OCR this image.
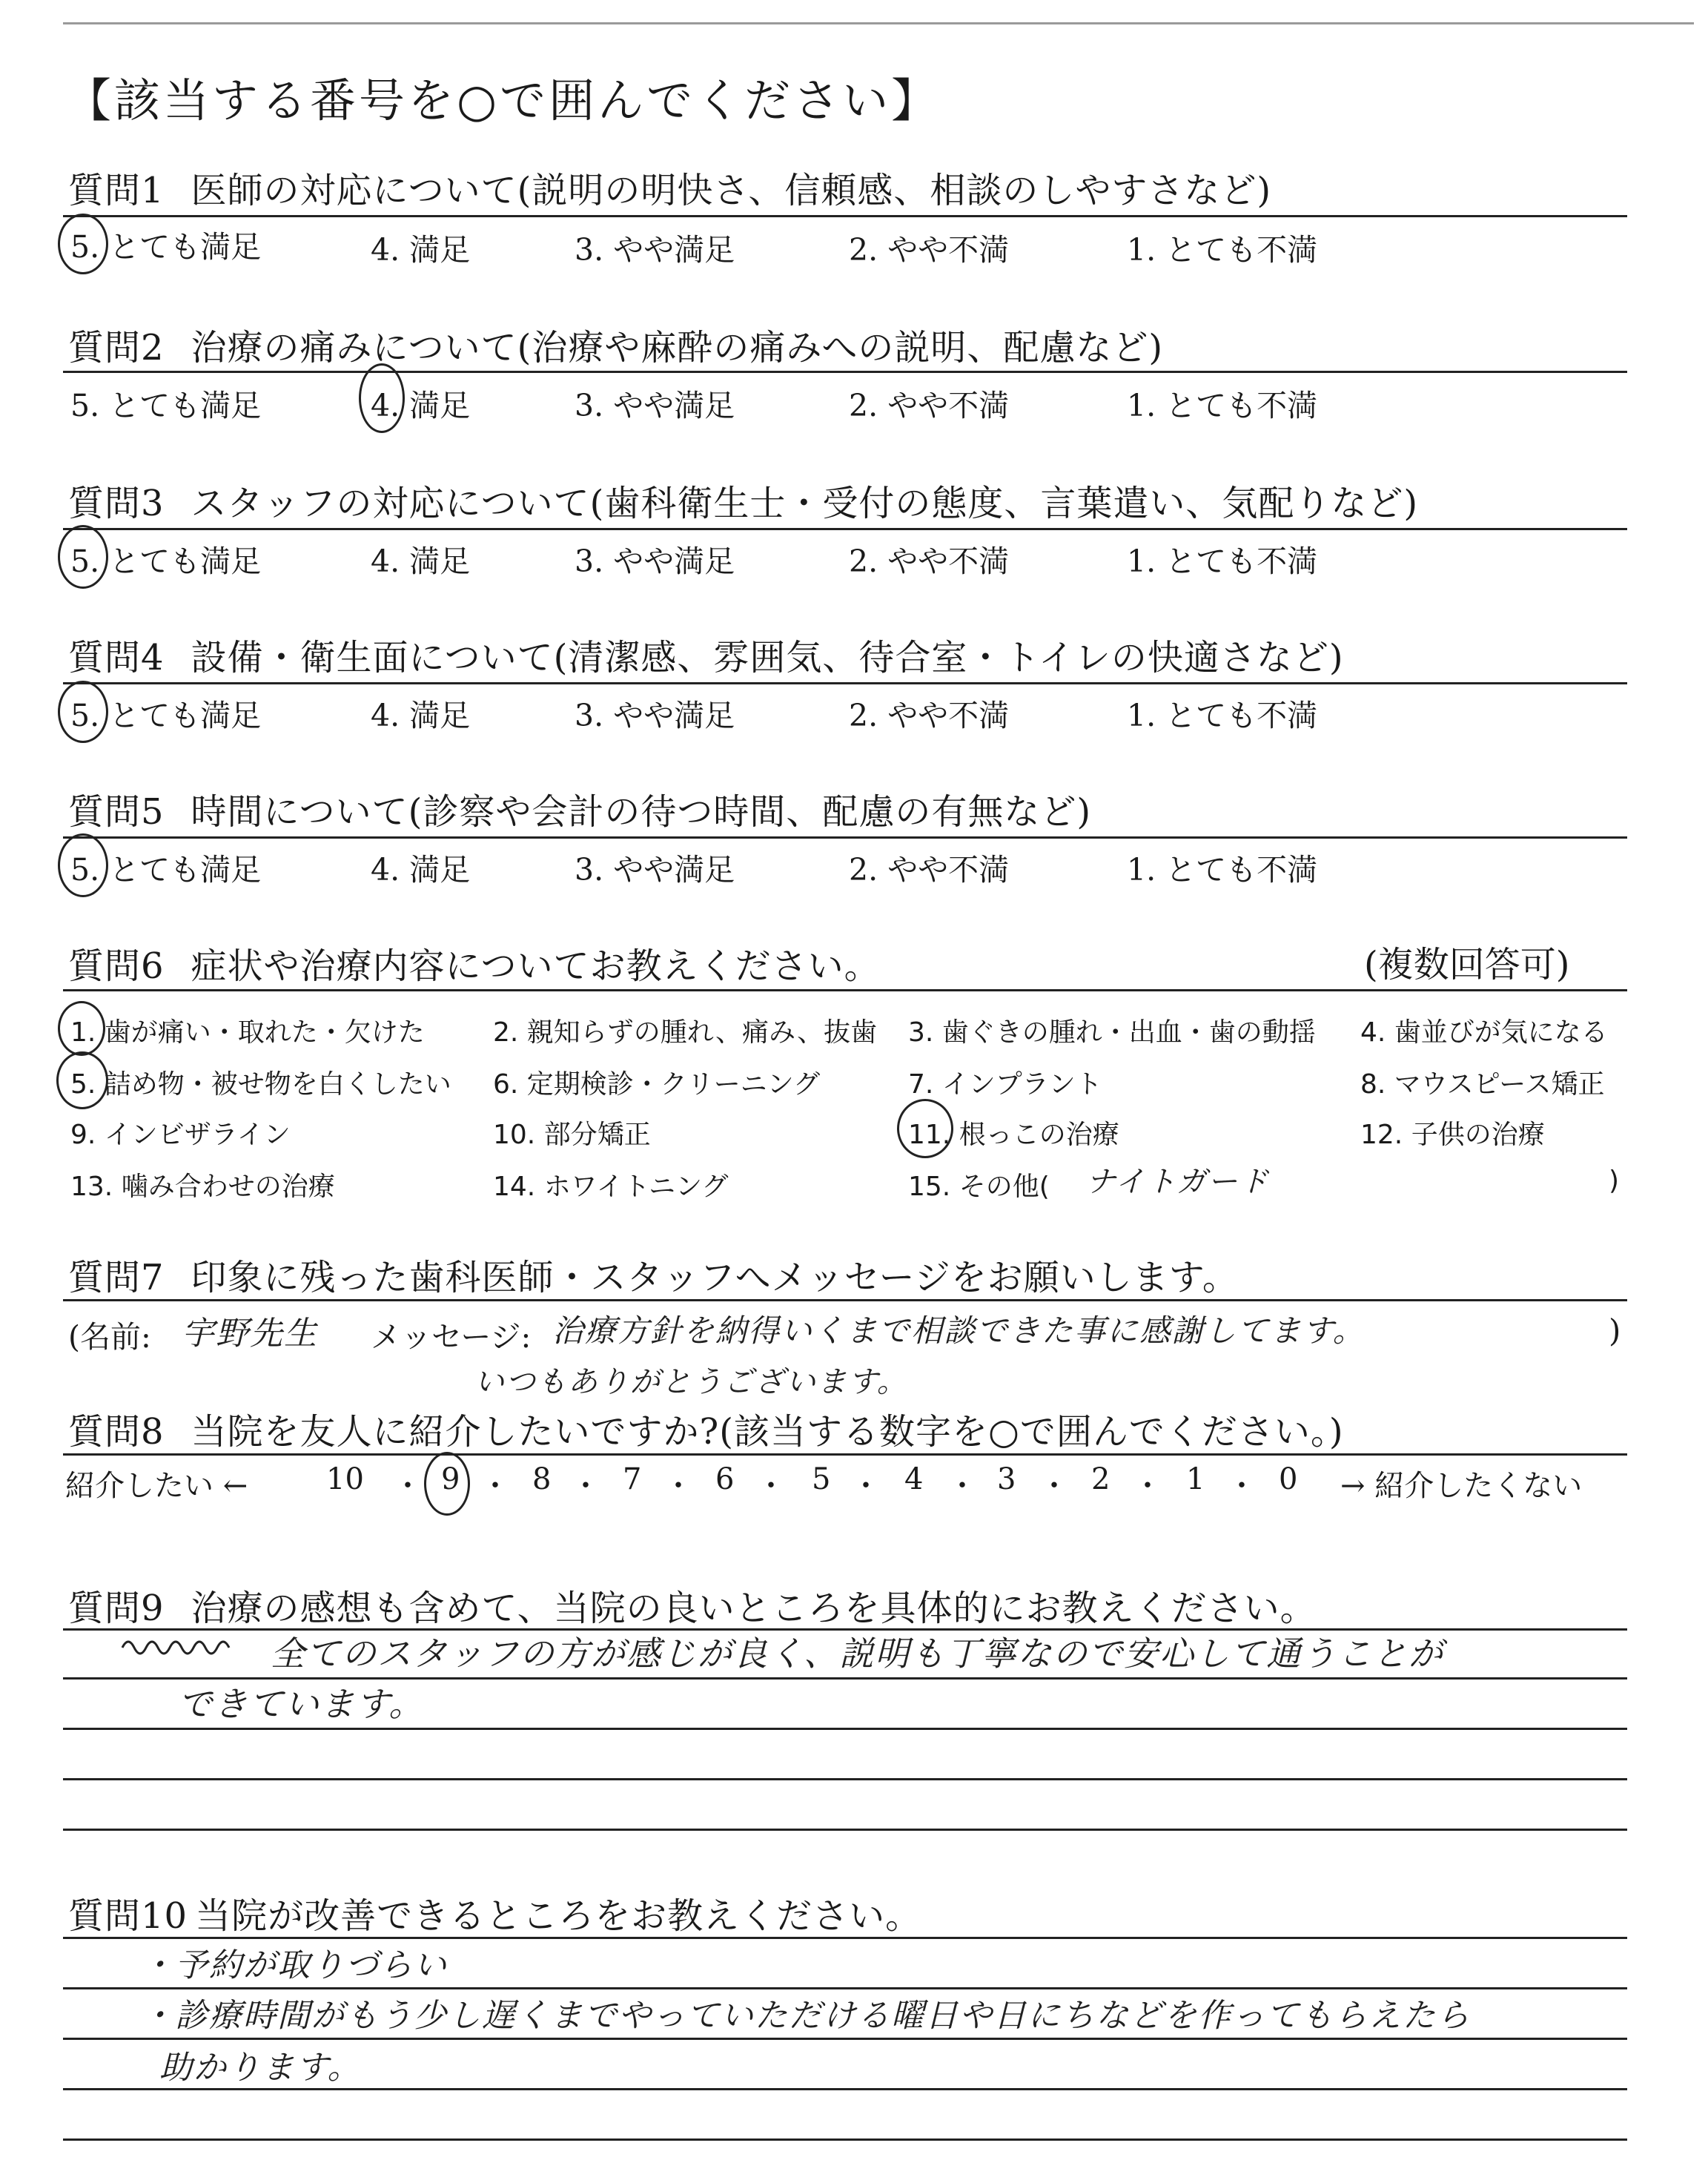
【該当する番号を○で囲んでください】
質問1 医師の対応について(説明の明快さ、信頼感、相談のしやすさなど)
5. とても満足	4. 満足	3. やや満足	2. やや不満	1. とても不満
質問2 治療の痛みについて(治療や麻酔の痛みへの説明、配慮など)
5. とても満足	4. 満足	3. やや満足	2. やや不満	1. とても不満
質問3 スタッフの対応について(歯科衛生士・受付の態度、言葉遣い、気配りなど)
5. とても満足	4. 満足	3. やや満足	2. やや不満	1. とても不満
質問4 設備・衛生面について(清潔感、雰囲気、待合室・トイレの快適さなど)
5. とても満足	4. 満足	3. やや満足	2. やや不満	1. とても不満
質問5 時間について(診察や会計の待つ時間、配慮の有無など)
5. とても満足	4. 満足	3. やや満足	2. やや不満	1. とても不満
質問6 症状や治療内容についてお教えください。	(複数回答可)
1. 歯が痛い・取れた・欠けた	2. 親知らずの腫れ、痛み、抜歯 3. 歯ぐきの腫れ・出血・歯の動揺 4. 歯並びが気になる
5. 詰め物・被せ物を白くしたい 6. 定期検診・クリーニング	7. インプラント	8. マウスピース矯正
9. インビザライン	10. 部分矯正	11. 根っこの治療	12. 子供の治療
13. 噛み合わせの治療	14. ホワイトニング	15. その他( ナイトガード	)
質問7 印象に残った歯科医師・スタッフへメッセージをお願いします。
(名前: 宇野先生 メッセージ: 治療方針を納得いくまで相談できた事に感謝してます。
いつもありがとうございます。
)
質問8 当院を友人に紹介したいですか?(該当する数字を○で囲んでください。)
紹介したい ←	10 ・ 9 ・ 8 ・ 7 ・ 6 ・ 5 ・ 4 ・ 3 ・ 2 ・ 1 ・ 0 → 紹介したくない
質問9 治療の感想も含めて、当院の良いところを具体的にお教えください。
全てのスタッフの方が感じが良く、説明も丁寧なので安心して通うことが
できています。
質問10 当院が改善できるところをお教えください。
・予約が取りづらい
・診療時間がもう少し遅くまでやっていただける曜日や日にちなどを作ってもらえたら
助かります。
